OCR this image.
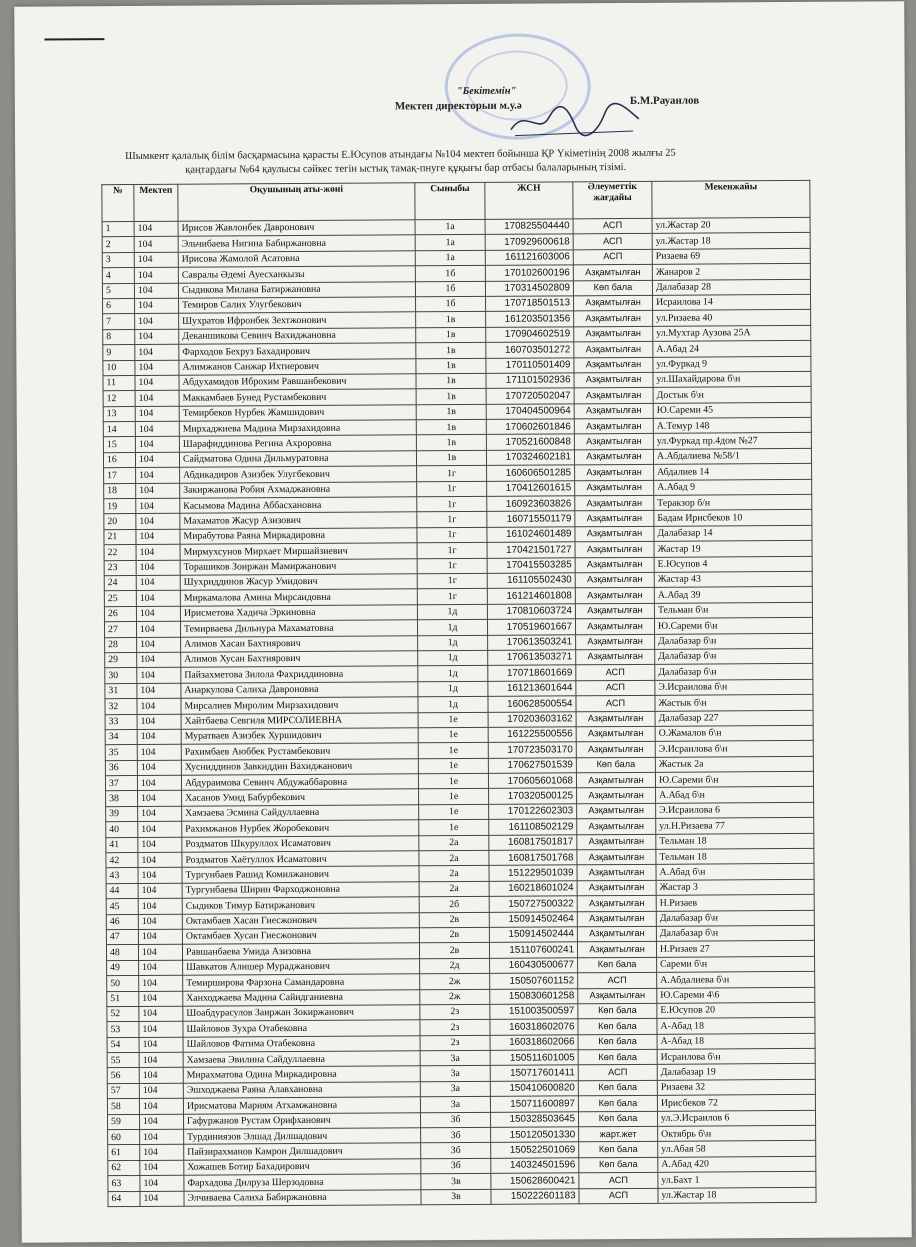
"Бекітемін"
Мектеп директорыи м.у.ә	Б.М.Рауанлов
Шымкент қалалық білім басқармасына қарасты Е.Юсупов атындағы №104 мектеп бойынша ҚР Үкіметінің 2008 жылғы 25
қаңтардағы №64 қаулысы сәйкес тегін ыстық тамақ-пнуге құқығы бар отбасы балаларының тізімі.
№	Мектеп	Оқушының аты-жөні	Сыныбы	ЖСН	Әлеуметтік жағдайы	Мекенжайы
1	104	Ирисов Жавлонбек Давронович	1а	170825504440	АСП	ул.Жастар 20
2	104	Эльчибаева Нигина Бабиржановна	1а	170929600618	АСП	ул.Жастар 18
3	104	Ирисова Жамолой Асатовна	1а	161121603006	АСП	Ризаева 69
4	104	Савралы Әдемі Ауесханкызы	1б	170102600196	Азқамтылған	Жанаров 2
5	104	Сыдикова Милана Батиржановна	1б	170314502809	Көп бала	Далабазар 28
6	104	Темиров Салих Улугбекович	1б	170718501513	Азқамтылған	Исраилова 14
7	104	Шухратов Ифронбек Зехтжонович	1в	161203501356	Азқамтылған	ул.Ризаева 40
8	104	Деканшикова Севинч Вахиджановна	1в	170904602519	Азқамтылған	ул.Мухтар Аузова 25А
9	104	Фарходов Бехруз Бахадирович	1в	160703501272	Азқамтылған	А.Абад 24
10	104	Алимжанов Санжар Ихтиерович	1в	170110501409	Азқамтылған	ул.Фуркад 9
11	104	Абдухамидов Иброхим Равшанбекович	1в	171101502936	Азқамтылған	ул.Шахайдарова б\н
12	104	Маккамбаев Бунед Рустамбекович	1в	170720502047	Азқамтылған	Достык б\н
13	104	Темирбеков Нурбек Жамшидович	1в	170404500964	Азқамтылған	Ю.Сареми 45
14	104	Мирхаджиева Мадина Мирзахидовна	1в	170602601846	Азқамтылған	А.Темур 148
15	104	Шарафиддинова Регина Ахроровна	1в	170521600848	Азқамтылған	ул.Фуркад пр.4дом №27
16	104	Сайдматова Одина Дильмуратовна	1в	170324602181	Азқамтылған	А.Абдалиева №58/1
17	104	Абдикадиров Азизбек Улугбекович	1г	160606501285	Азқамтылған	Абдалиев 14
18	104	Закиржанова Робия Ахмаджановна	1г	170412601615	Азқамтылған	А.Абад 9
19	104	Касымова Мадина Аббасхановна	1г	160923603826	Азқамтылған	Теракзор б/н
20	104	Махаматов Жасур Азизович	1г	160715501179	Азқамтылған	Бадам Ирисбеков 10
21	104	Мирабутова Раяна Миркадировна	1г	161024601489	Азқамтылған	Далабазар 14
22	104	Мирмухсунов Мирхает Миршайзиевич	1г	170421501727	Азқамтылған	Жастар 19
23	104	Торашиков Зоиржан Мамиржанович	1г	170415503285	Азқамтылған	Е.Юсупов 4
24	104	Шухриддинов Жасур Умидович	1г	161105502430	Азқамтылған	Жастар 43
25	104	Миркамалова Амина Мирсаидовна	1г	161214601808	Азқамтылған	А.Абад 39
26	104	Ирисметова Хадича Эркиновна	1д	170810603724	Азқамтылған	Тельман б\н
27	104	Темирваева Дильнура Махаматовна	1д	170519601667	Азқамтылған	Ю.Сареми б\н
28	104	Алимов Хасан Бахтиярович	1д	170613503241	Азқамтылған	Далабазар б\н
29	104	Алимов Хусан Бахтиярович	1д	170613503271	Азқамтылған	Далабазар б\н
30	104	Пайзахметова Зилола Фахриддиновна	1д	170718601669	АСП	Далабазар б\н
31	104	Анаркулова Салиха Давроновна	1д	161213601644	АСП	Э.Исраилова б\н
32	104	Мирсалиев Миролим Мирзахидович	1д	160628500554	АСП	Жастык б\н
33	104	Хайтбаева Севгиля МИРСОЛИЕВНА	1е	170203603162	Азқамтылған	Далабазар 227
34	104	Муратваев Азизбек Хуршидович	1е	161225500556	Азқамтылған	О.Жамалов б\н
35	104	Рахимбаев Аюббек Рустамбекович	1е	170723503170	Азқамтылған	Э.Исраилова б\н
36	104	Хусниддинов Завкиддин Вахиджанович	1е	170627501539	Көп бала	Жастык 2а
37	104	Абдураимова Севинч Абдужаббаровна	1е	170605601068	Азқамтылған	Ю.Сареми б\н
38	104	Хасанов Умид Бабурбекович	1е	170320500125	Азқамтылған	А.Абад б\н
39	104	Хамзаева Эсмина Сайдуллаевна	1е	170122602303	Азқамтылған	Э.Исраилова 6
40	104	Рахимжанов Нурбек Жоробекович	1е	161108502129	Азқамтылған	ул.Н.Ризаева 77
41	104	Роздматов Шкуруллох Исаматович	2а	160817501817	Азқамтылған	Тельман 18
42	104	Роздматов Хаётуллох Исаматович	2а	160817501768	Азқамтылған	Тельман 18
43	104	Тургунбаев Рашид Комилжанович	2а	151229501039	Азқамтылған	А.Абад б\н
44	104	Тургунбаева Ширин Фарходжоновна	2а	160218601024	Азқамтылған	Жастар 3
45	104	Сыдиков Тимур Батиржанович	2б	150727500322	Азқамтылған	Н.Ризаев
46	104	Октамбаев Хасан Гиесжонович	2в	150914502464	Азқамтылған	Далабазар б\н
47	104	Октамбаев Хусан Гиесжонович	2в	150914502444	Азқамтылған	Далабазар б\н
48	104	Равшанбаева Умида Азизовна	2в	151107600241	Азқамтылған	Н.Ризаев 27
49	104	Шавкатов Алишер Мураджанович	2д	160430500677	Көп бала	Сареми б\н
50	104	Темирширова Фарзона Самандаровна	2ж	150507601152	АСП	А.Абдалиева б\н
51	104	Ханходжаева Мадина Сайидганиевна	2ж	150830601258	Азқамтылған	Ю.Сареми 4\6
52	104	Шоабдурасулов Заиржан Зокиржанович	2з	151003500597	Көп бала	Е.Юсупов 20
53	104	Шайловов Зухра Отабековна	2з	160318602076	Көп бала	А-Абад 18
54	104	Шайловов Фатима Отабековна	2з	160318602066	Көп бала	А-Абад 18
55	104	Хамзаева Эвилина Сайдуллаевна	3а	150511601005	Көп бала	Исраилова б\н
56	104	Мирахматова Одина Миркадировна	3а	150717601411	АСП	Далабазар 19
57	104	Эшходжаева Раяна Алавхановна	3а	150410600820	Көп бала	Ризаева 32
58	104	Ирисматова Мариям Атхамжановна	3а	150711600897	Көп бала	Ирисбеков 72
59	104	Гафуржанов Рустам Орифханович	3б	150328503645	Көп бала	ул.Э.Исраилов 6
60	104	Турдиниязов Элшад Дилшадович	3б	150120501330	жарт.жет	Октябрь б\н
61	104	Пайзирахманов Камрон Дилшадович	3б	150522501069	Көп бала	ул.Абая 58
62	104	Хожашев Ботир Бахадирович	3б	140324501596	Көп бала	А.Абад 420
63	104	Фархадова Дилруза Шерзодовна	3в	150628600421	АСП	ул.Бахт 1
64	104	Элчиваева Салиха Бабиржановна	3в	150222601183	АСП	ул.Жастар 18
